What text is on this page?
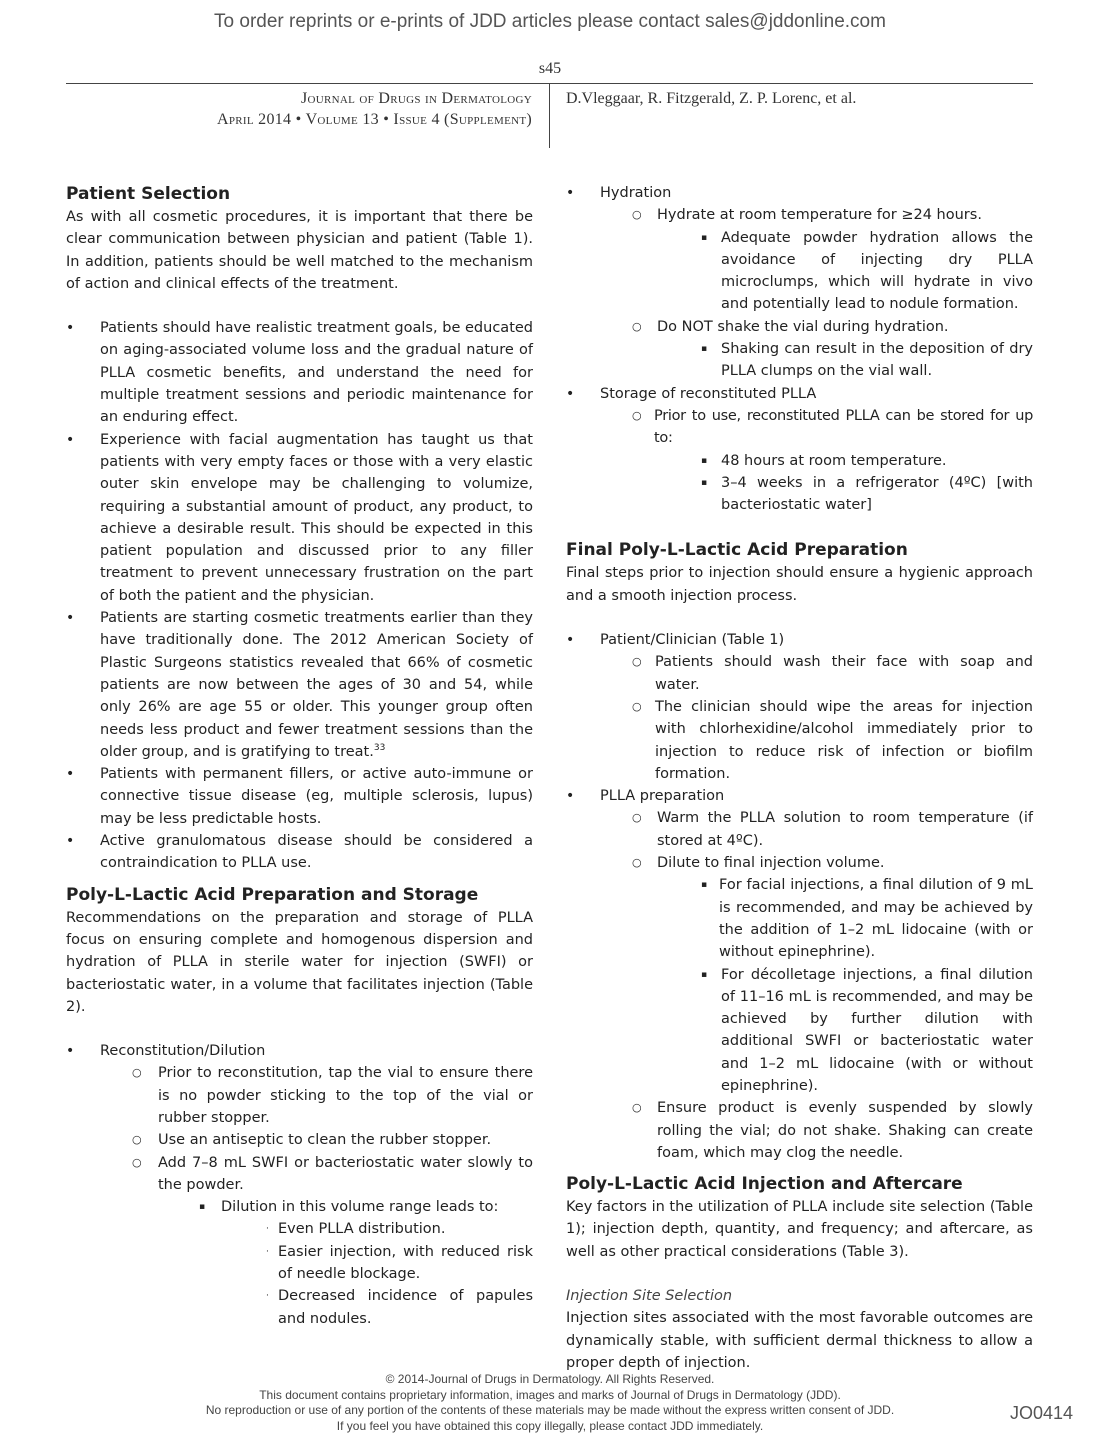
To order reprints or e-prints of JDD articles please contact sales@jddonline.com
s45
Journal of Drugs in Dermatology
April 2014 • Volume 13 • Issue 4 (Supplement)
D.Vleggaar, R. Fitzgerald, Z. P. Lorenc, et al.
Patient Selection

As with all cosmetic procedures, it is important that there be clear communication between physician and patient (Table 1). In addition, patients should be well matched to the mechanism of action and clinical effects of the treatment.

• Patients should have realistic treatment goals, be educated on aging-associated volume loss and the gradual nature of PLLA cosmetic benefits, and understand the need for multiple treatment sessions and periodic maintenance for an enduring effect.
• Experience with facial augmentation has taught us that patients with very empty faces or those with a very elastic outer skin envelope may be challenging to volumize, requiring a substantial amount of product, any product, to achieve a desirable result. This should be expected in this patient population and discussed prior to any filler treatment to prevent unnecessary frustration on the part of both the patient and the physician.
• Patients are starting cosmetic treatments earlier than they have traditionally done. The 2012 American Society of Plastic Surgeons statistics revealed that 66% of cosmetic patients are now between the ages of 30 and 54, while only 26% are age 55 or older. This younger group often needs less product and fewer treatment sessions than the older group, and is gratifying to treat.$^{33}$
• Patients with permanent fillers, or active auto-immune or connective tissue disease (eg, multiple sclerosis, lupus) may be less predictable hosts.
• Active granulomatous disease should be considered a contraindication to PLLA use.
Poly-L-Lactic Acid Preparation and Storage

Recommendations on the preparation and storage of PLLA focus on ensuring complete and homogenous dispersion and hydration of PLLA in sterile water for injection (SWFI) or bacteriostatic water, in a volume that facilitates injection (Table 2).

• Reconstitution/Dilution
○ Prior to reconstitution, tap the vial to ensure there is no powder sticking to the top of the vial or rubber stopper.
○ Use an antiseptic to clean the rubber stopper.
○ Add 7–8 mL SWFI or bacteriostatic water slowly to the powder.
▪ Dilution in this volume range leads to:
· Even PLLA distribution.
· Easier injection, with reduced risk of needle blockage.
· Decreased incidence of papules and nodules.
• Hydration
○ Hydrate at room temperature for ≥24 hours.
▪ Adequate powder hydration allows the avoidance of injecting dry PLLA microclumps, which will hydrate in vivo and potentially lead to nodule formation.
○ Do NOT shake the vial during hydration.
▪ Shaking can result in the deposition of dry PLLA clumps on the vial wall.
• Storage of reconstituted PLLA
○ Prior to use, reconstituted PLLA can be stored for up to:
▪ 48 hours at room temperature.
▪ 3–4 weeks in a refrigerator (4ºC) [with bacteriostatic water]
Final Poly-L-Lactic Acid Preparation

Final steps prior to injection should ensure a hygienic approach and a smooth injection process.

• Patient/Clinician (Table 1)
○ Patients should wash their face with soap and water.
○ The clinician should wipe the areas for injection with chlorhexidine/alcohol immediately prior to injection to reduce risk of infection or biofilm formation.
• PLLA preparation
○ Warm the PLLA solution to room temperature (if stored at 4ºC).
○ Dilute to final injection volume.
▪ For facial injections, a final dilution of 9 mL is recommended, and may be achieved by the addition of 1–2 mL lidocaine (with or without epinephrine).
▪ For décolletage injections, a final dilution of 11–16 mL is recommended, and may be achieved by further dilution with additional SWFI or bacteriostatic water and 1–2 mL lidocaine (with or without epinephrine).
○ Ensure product is evenly suspended by slowly rolling the vial; do not shake. Shaking can create foam, which may clog the needle.
Poly-L-Lactic Acid Injection and Aftercare

Key factors in the utilization of PLLA include site selection (Table 1); injection depth, quantity, and frequency; and aftercare, as well as other practical considerations (Table 3).

Injection Site Selection

Injection sites associated with the most favorable outcomes are dynamically stable, with sufficient dermal thickness to allow a proper depth of injection.

© 2014-Journal of Drugs in Dermatology. All Rights Reserved.
This document contains proprietary information, images and marks of Journal of Drugs in Dermatology (JDD).
No reproduction or use of any portion of the contents of these materials may be made without the express written consent of JDD.
If you feel you have obtained this copy illegally, please contact JDD immediately.
JO0414
